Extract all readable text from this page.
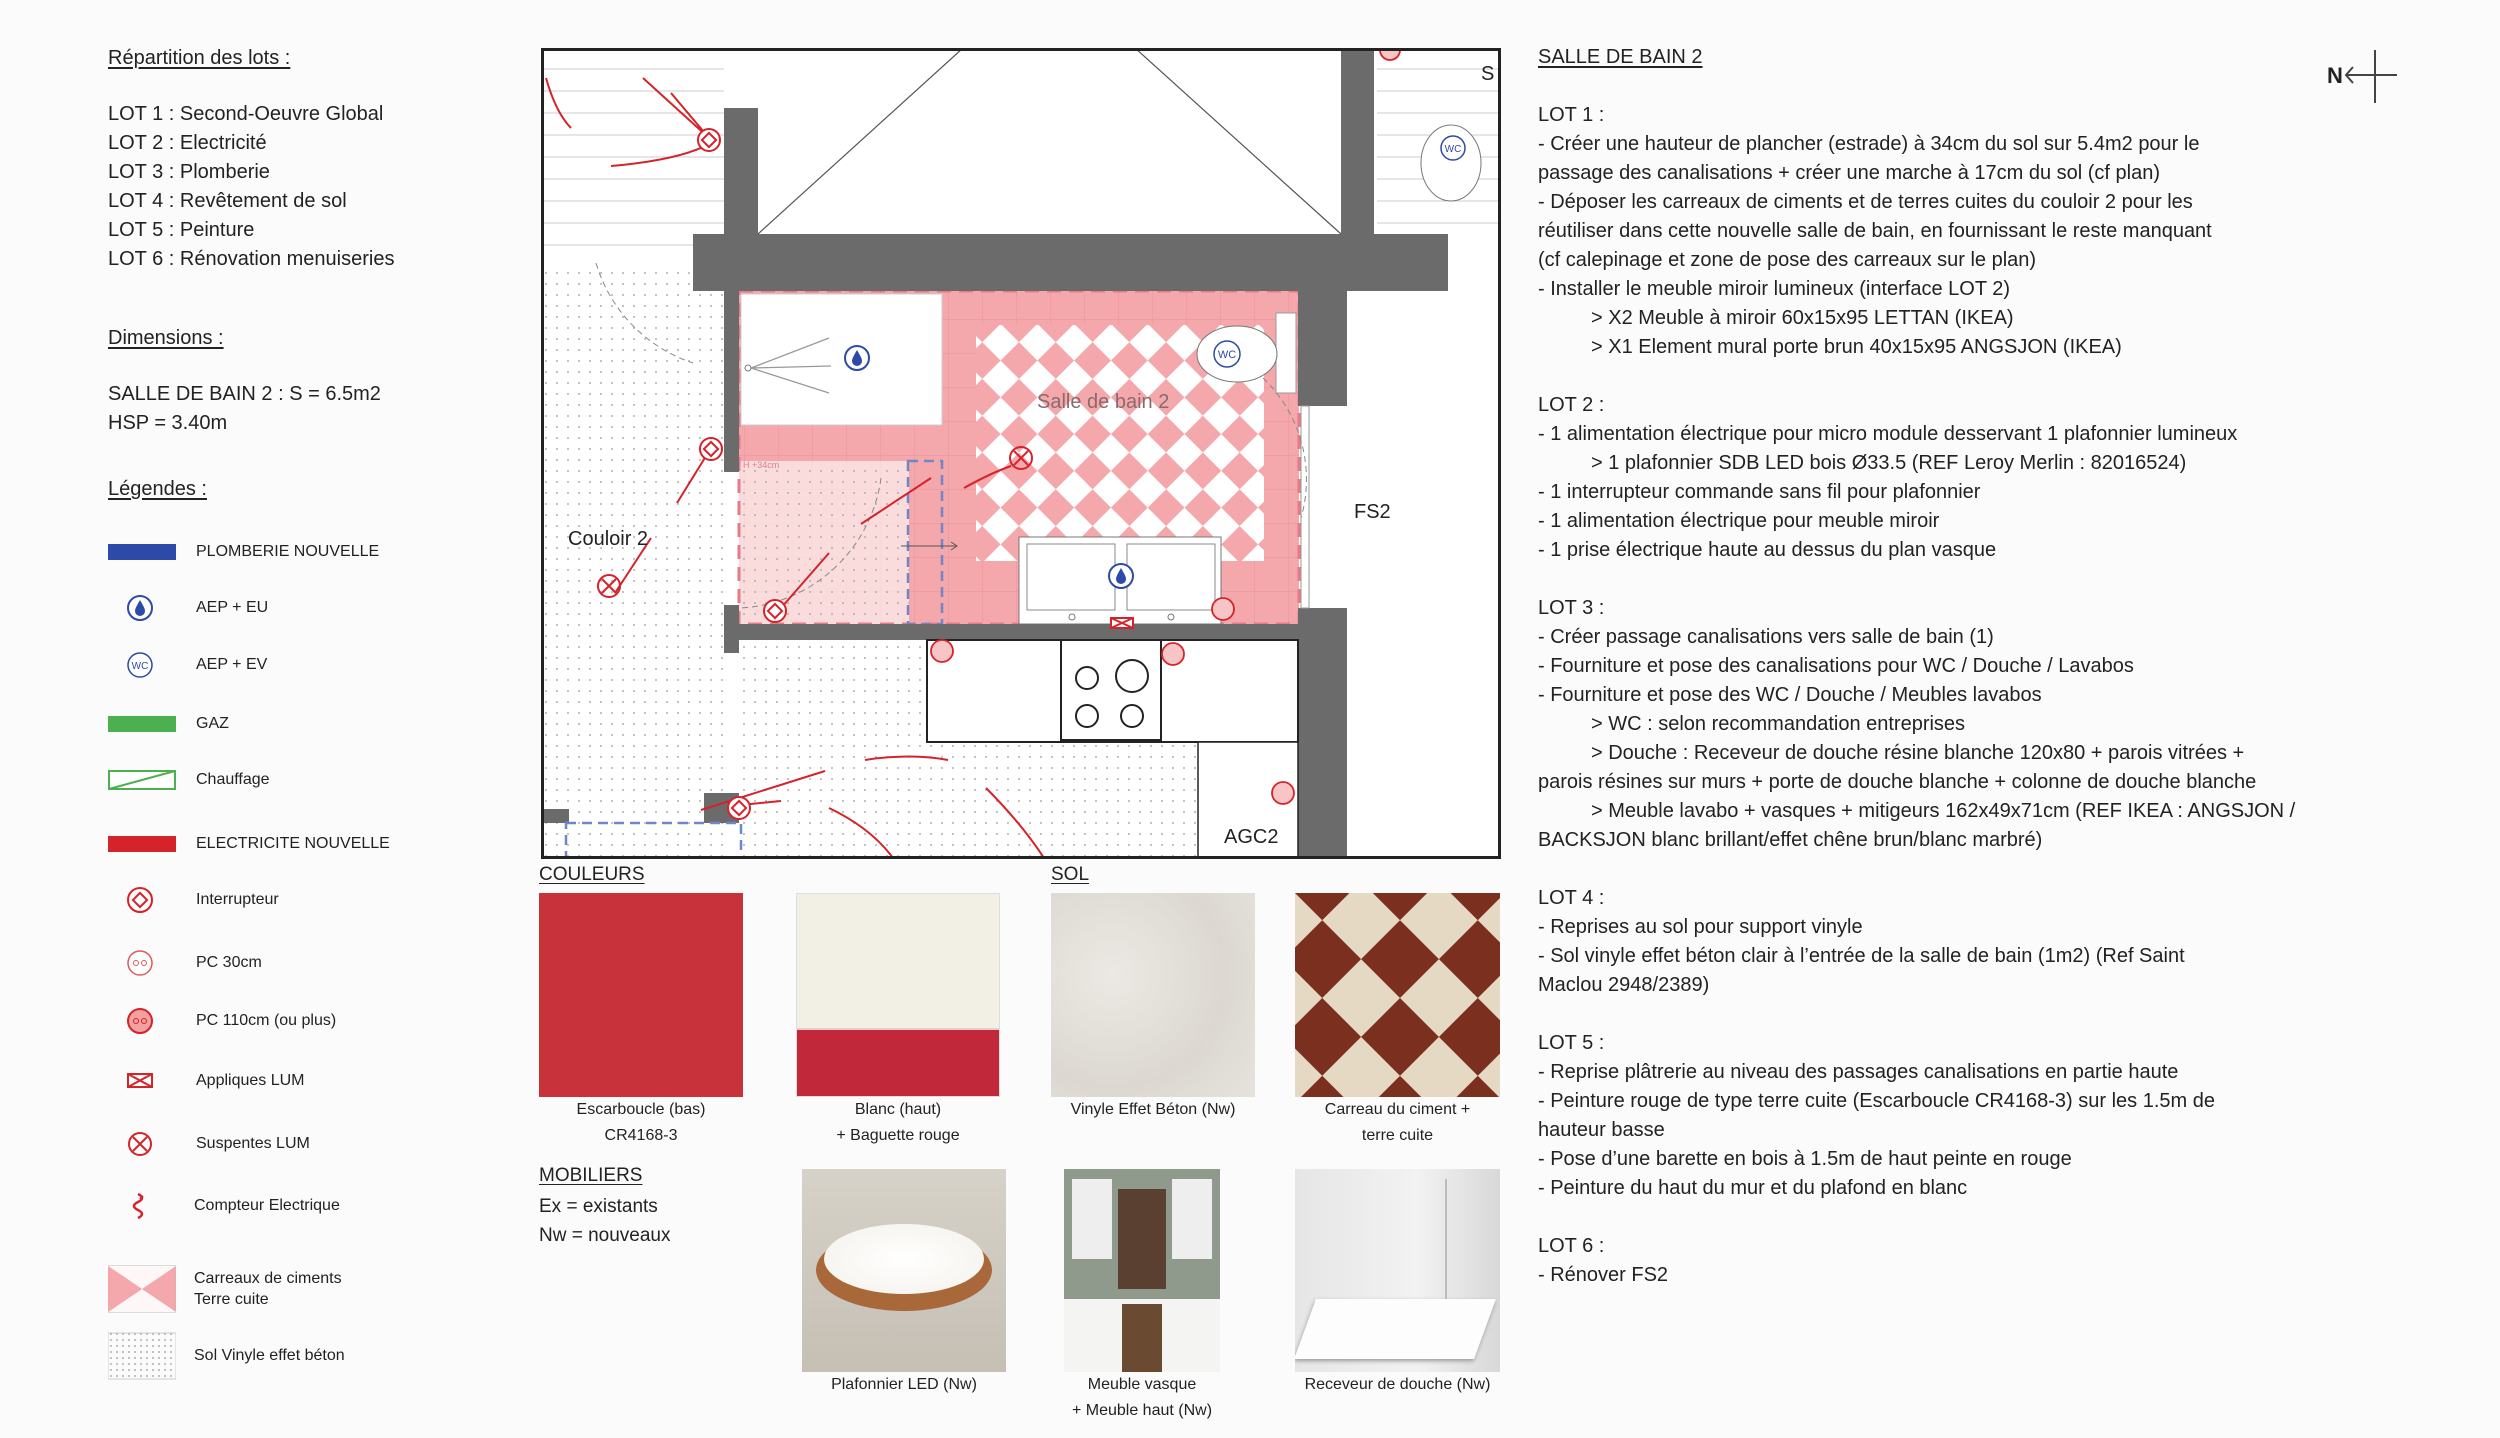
Répartition des lots :
LOT 1 : Second-Oeuvre Global
LOT 2 : Electricité
LOT 3 : Plomberie
LOT 4 : Revêtement de sol
LOT 5 : Peinture
LOT 6 : Rénovation menuiseries
Dimensions :
SALLE DE BAIN 2 : S = 6.5m2
HSP = 3.40m
Légendes :
PLOMBERIE NOUVELLE
AEP + EU
WC	AEP + EV
GAZ
Chauffage
ELECTRICITE NOUVELLE
Interrupteur
PC 30cm
PC 110cm (ou plus)
Appliques LUM
Suspentes LUM
Compteur Electrique
Carreaux de ciments
Terre cuite
Sol Vinyle effet béton
H +34cm
WC
WC
Couloir 2
Salle de bain 2
FS2
AGC2
S
COULEURS	SOL
Escarboucle (bas)
CR4168-3
Blanc (haut)
+ Baguette rouge
Vinyle Effet Béton (Nw)	Carreau du ciment +
terre cuite
MOBILIERS
Ex = existants
Nw = nouveaux
Plafonnier LED (Nw)	Meuble vasque
+ Meuble haut (Nw)
Receveur de douche (Nw)
SALLE DE BAIN 2
LOT 1 :
- Créer une hauteur de plancher (estrade) à 34cm du sol sur 5.4m2 pour le
passage des canalisations + créer une marche à 17cm du sol (cf plan)
- Déposer les carreaux de ciments et de terres cuites du couloir 2 pour les
réutiliser dans cette nouvelle salle de bain, en fournissant le reste manquant
(cf calepinage et zone de pose des carreaux sur le plan)
- Installer le meuble miroir lumineux (interface LOT 2)
> X2 Meuble à miroir 60x15x95 LETTAN (IKEA)
> X1 Element mural porte brun 40x15x95 ANGSJON (IKEA)
LOT 2 :
- 1 alimentation électrique pour micro module desservant 1 plafonnier lumineux
> 1 plafonnier SDB LED bois Ø33.5 (REF Leroy Merlin : 82016524)
- 1 interrupteur commande sans fil pour plafonnier
- 1 alimentation électrique pour meuble miroir
- 1 prise électrique haute au dessus du plan vasque
LOT 3 :
- Créer passage canalisations vers salle de bain (1)
- Fourniture et pose des canalisations pour WC / Douche / Lavabos
- Fourniture et pose des WC / Douche / Meubles lavabos
> WC : selon recommandation entreprises
> Douche : Receveur de douche résine blanche 120x80 + parois vitrées +
parois résines sur murs + porte de douche blanche + colonne de douche blanche
> Meuble lavabo + vasques + mitigeurs 162x49x71cm (REF IKEA : ANGSJON /
BACKSJON blanc brillant/effet chêne brun/blanc marbré)
LOT 4 :
- Reprises au sol pour support vinyle
- Sol vinyle effet béton clair à l’entrée de la salle de bain (1m2) (Ref Saint
Maclou 2948/2389)
LOT 5 :
- Reprise plâtrerie au niveau des passages canalisations en partie haute
- Peinture rouge de type terre cuite (Escarboucle CR4168-3) sur les 1.5m de
hauteur basse
- Pose d’une barette en bois à 1.5m de haut peinte en rouge
- Peinture du haut du mur et du plafond en blanc
LOT 6 :
- Rénover FS2
N
